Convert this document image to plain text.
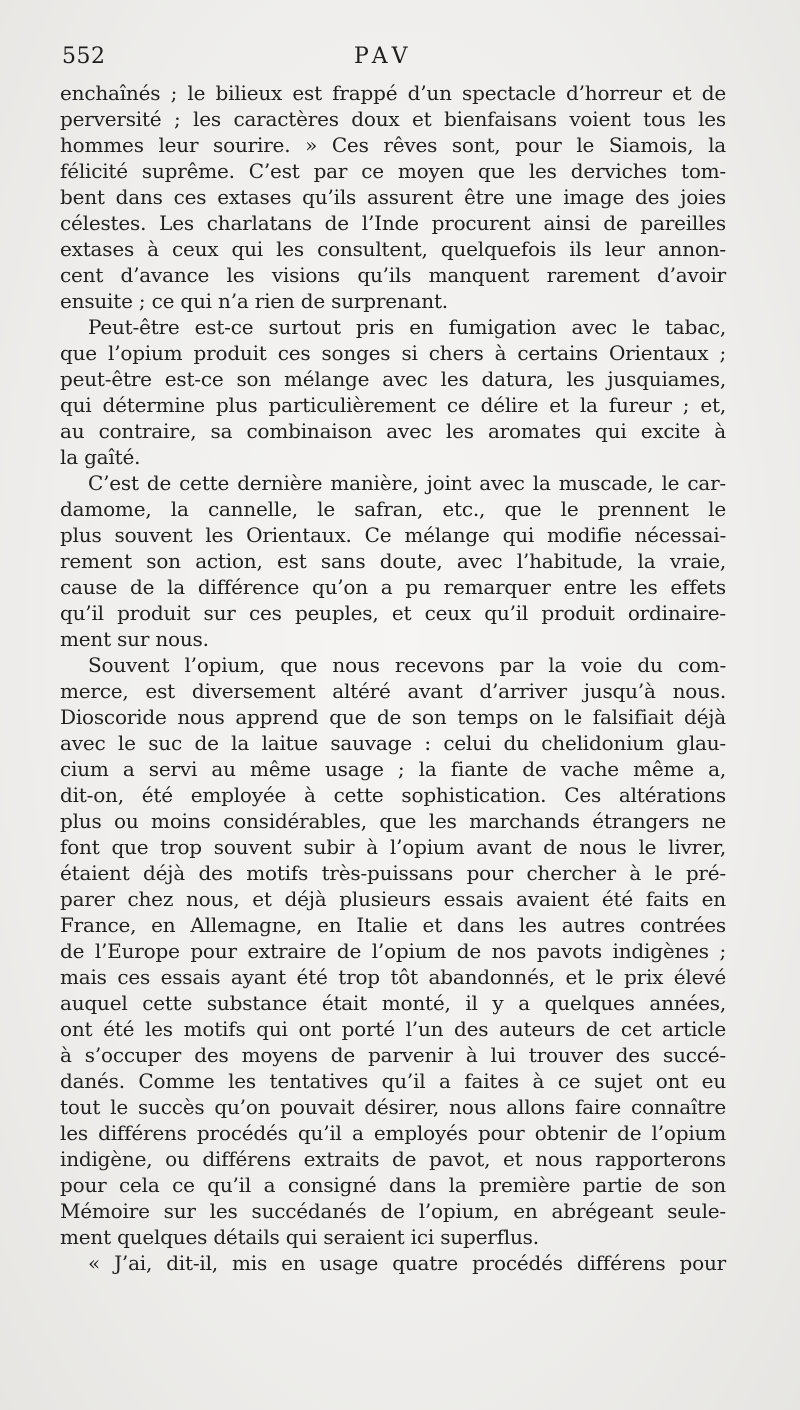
552	PAV
enchaînés ; le bilieux est frappé d’un spectacle d’horreur et de
perversité ; les caractères doux et bienfaisans voient tous les
hommes leur sourire. » Ces rêves sont, pour le Siamois, la
félicité suprême. C’est par ce moyen que les derviches tom-
bent dans ces extases qu’ils assurent être une image des joies
célestes. Les charlatans de l’Inde procurent ainsi de pareilles
extases à ceux qui les consultent, quelquefois ils leur annon-
cent d’avance les visions qu’ils manquent rarement d’avoir
ensuite ; ce qui n’a rien de surprenant.
Peut-être est-ce surtout pris en fumigation avec le tabac,
que l’opium produit ces songes si chers à certains Orientaux ;
peut-être est-ce son mélange avec les datura, les jusquiames,
qui détermine plus particulièrement ce délire et la fureur ; et,
au contraire, sa combinaison avec les aromates qui excite à
la gaîté.
C’est de cette dernière manière, joint avec la muscade, le car-
damome, la cannelle, le safran, etc., que le prennent le
plus souvent les Orientaux. Ce mélange qui modifie nécessai-
rement son action, est sans doute, avec l’habitude, la vraie,
cause de la différence qu’on a pu remarquer entre les effets
qu’il produit sur ces peuples, et ceux qu’il produit ordinaire-
ment sur nous.
Souvent l’opium, que nous recevons par la voie du com-
merce, est diversement altéré avant d’arriver jusqu’à nous.
Dioscoride nous apprend que de son temps on le falsifiait déjà
avec le suc de la laitue sauvage : celui du chelidonium glau-
cium a servi au même usage ; la fiante de vache même a,
dit-on, été employée à cette sophistication. Ces altérations
plus ou moins considérables, que les marchands étrangers ne
font que trop souvent subir à l’opium avant de nous le livrer,
étaient déjà des motifs très-puissans pour chercher à le pré-
parer chez nous, et déjà plusieurs essais avaient été faits en
France, en Allemagne, en Italie et dans les autres contrées
de l’Europe pour extraire de l’opium de nos pavots indigènes ;
mais ces essais ayant été trop tôt abandonnés, et le prix élevé
auquel cette substance était monté, il y a quelques années,
ont été les motifs qui ont porté l’un des auteurs de cet article
à s’occuper des moyens de parvenir à lui trouver des succé-
danés. Comme les tentatives qu’il a faites à ce sujet ont eu
tout le succès qu’on pouvait désirer, nous allons faire connaître
les différens procédés qu’il a employés pour obtenir de l’opium
indigène, ou différens extraits de pavot, et nous rapporterons
pour cela ce qu’il a consigné dans la première partie de son
Mémoire sur les succédanés de l’opium, en abrégeant seule-
ment quelques détails qui seraient ici superflus.
« J’ai, dit-il, mis en usage quatre procédés différens pour
